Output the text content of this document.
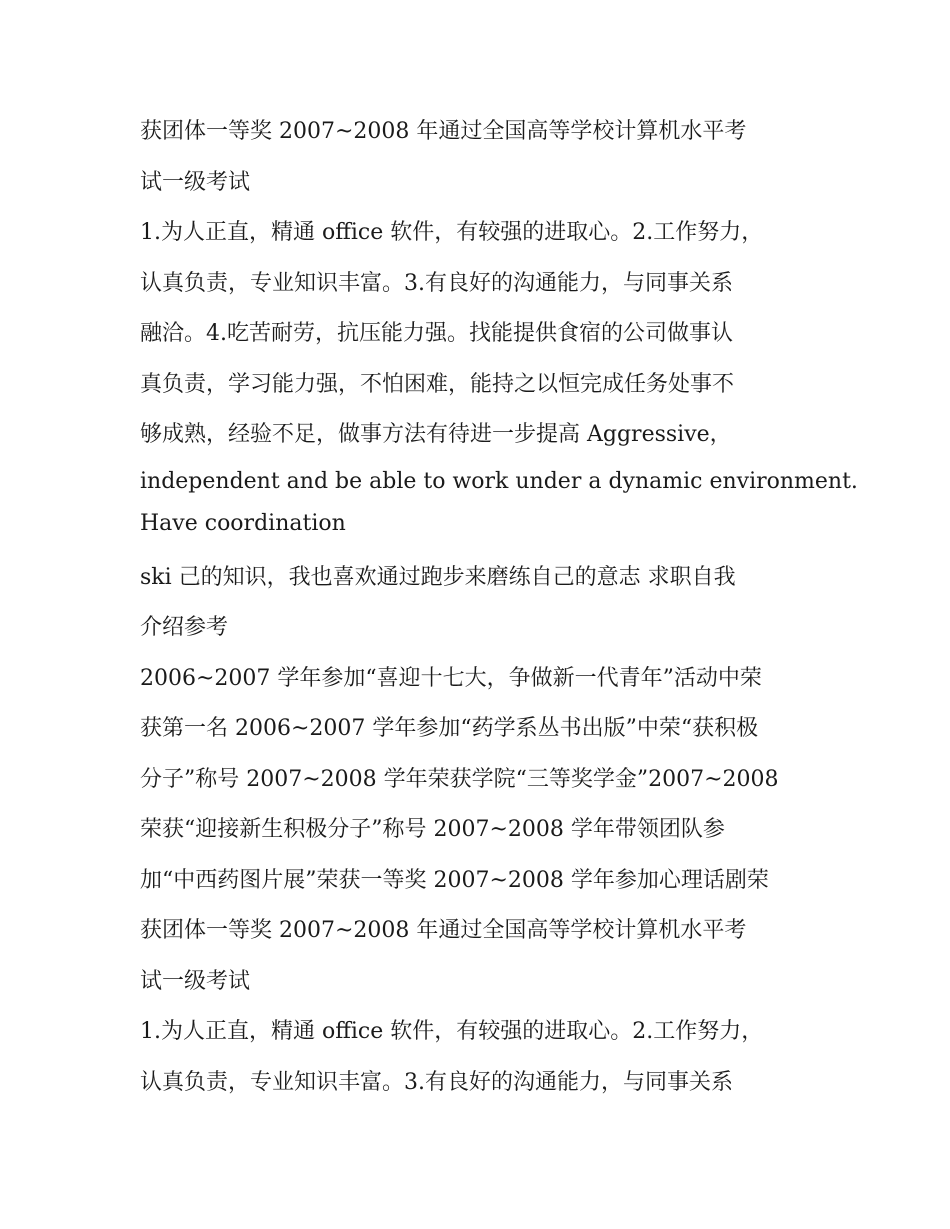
获团体一等奖 2007~2008 年通过全国高等学校计算机水平考
试一级考试
1.为人正直，精通 office 软件，有较强的进取心。2.工作努力，
认真负责，专业知识丰富。3.有良好的沟通能力，与同事关系
融洽。4.吃苦耐劳，抗压能力强。找能提供食宿的公司做事认
真负责，学习能力强，不怕困难，能持之以恒完成任务处事不
够成熟，经验不足，做事方法有待进一步提高 Aggressive，
independent and be able to work under a dynamic environment.
Have coordination
ski 己的知识，我也喜欢通过跑步来磨练自己的意志 求职自我
介绍参考
2006~2007 学年参加“喜迎十七大，争做新一代青年”活动中荣
获第一名 2006~2007 学年参加“药学系丛书出版”中荣“获积极
分子”称号 2007~2008 学年荣获学院“三等奖学金”2007~2008
荣获“迎接新生积极分子”称号 2007~2008 学年带领团队参
加“中西药图片展”荣获一等奖 2007~2008 学年参加心理话剧荣
获团体一等奖 2007~2008 年通过全国高等学校计算机水平考
试一级考试
1.为人正直，精通 office 软件，有较强的进取心。2.工作努力，
认真负责，专业知识丰富。3.有良好的沟通能力，与同事关系
